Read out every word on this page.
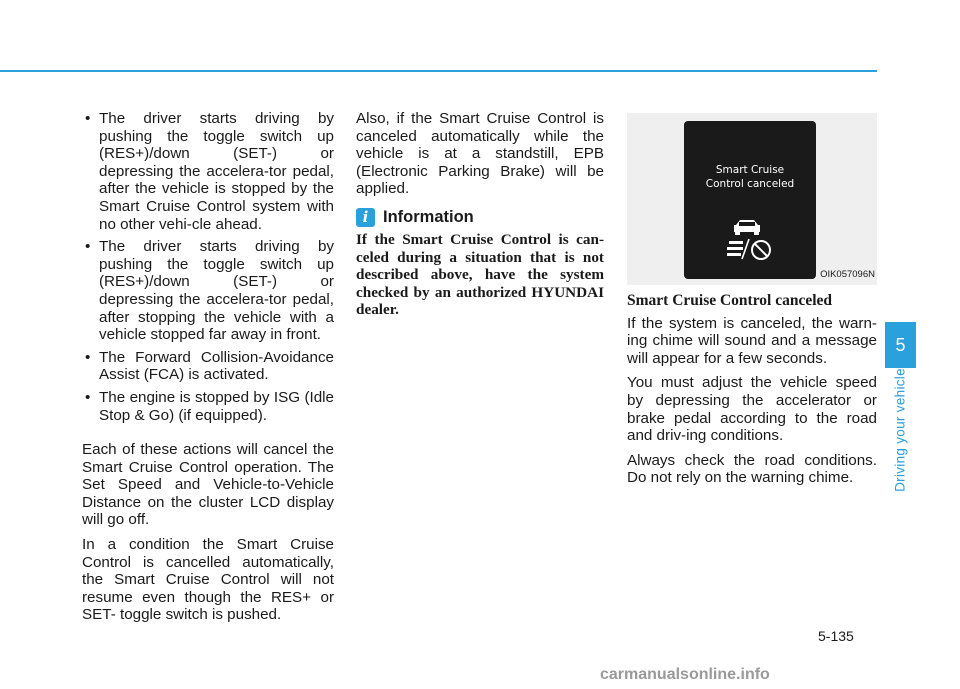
• The driver starts driving by pushing the toggle switch up (RES+)/down (SET-) or depressing the accelera-tor pedal, after the vehicle is stopped by the Smart Cruise Control system with no other vehi-cle ahead.
• The driver starts driving by pushing the toggle switch up (RES+)/down (SET-) or depressing the accelera-tor pedal, after stopping the vehicle with a vehicle stopped far away in front.
• The Forward Collision-Avoidance Assist (FCA) is activated.
• The engine is stopped by ISG (Idle Stop & Go) (if equipped).

Each of these actions will cancel the Smart Cruise Control operation. The Set Speed and Vehicle-to-Vehicle Distance on the cluster LCD display will go off.

In a condition the Smart Cruise Control is cancelled automatically, the Smart Cruise Control will not resume even though the RES+ or SET- toggle switch is pushed.

Also, if the Smart Cruise Control is canceled automatically while the vehicle is at a standstill, EPB (Electronic Parking Brake) will be applied.

i Information
If the Smart Cruise Control is can-celed during a situation that is not described above, have the system checked by an authorized HYUNDAI dealer.
Smart Cruise
Control canceled
OIK057096N
Smart Cruise Control canceled

If the system is canceled, the warn-ing chime will sound and a message will appear for a few seconds.

You must adjust the vehicle speed by depressing the accelerator or brake pedal according to the road and driv-ing conditions.

Always check the road conditions. Do not rely on the warning chime.

5
Driving your vehicle
5-135
carmanualsonline.info
